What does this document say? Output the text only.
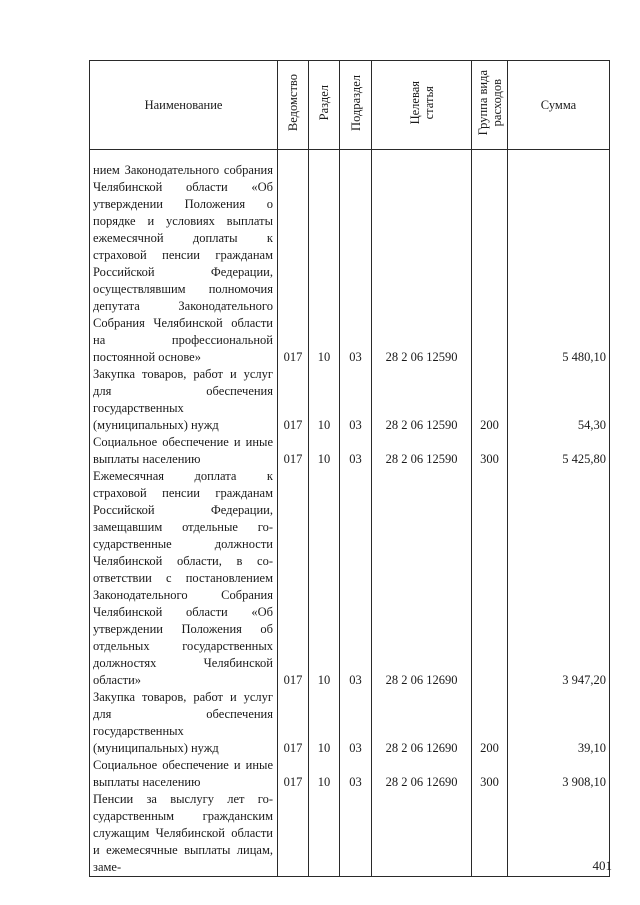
Наименование	Ведомство	Раздел	Подраздел	Целевая статья	Группа вида расходов	Сумма
нием Законодательного собрания Челябинской области «Об утверждении Положения о порядке и условиях выплаты ежемесячной доплаты к страховой пенсии гражданам Российской Федерации, осуществлявшим полномочия депутата Законодательного Собрания Челябинской области на профессиональной постоянной основе»	017	10	03	28 2 06 12590		5 480,10
Закупка товаров, работ и услуг для обеспечения государственных (муниципальных) нужд	017	10	03	28 2 06 12590	200	54,30
Социальное обеспечение и иные выплаты населению	017	10	03	28 2 06 12590	300	5 425,80
Ежемесячная доплата к страховой пенсии гражданам Российской Федерации, замещавшим отдельные государственные должности Челябинской области, в соответствии с постановлением Законодательного Собрания Челябинской области «Об утверждении Положения об отдельных государственных должностях Челябинской области»	017	10	03	28 2 06 12690		3 947,20
Закупка товаров, работ и услуг для обеспечения государственных (муниципальных) нужд	017	10	03	28 2 06 12690	200	39,10
Социальное обеспечение и иные выплаты населению	017	10	03	28 2 06 12690	300	3 908,10
Пенсии за выслугу лет государственным гражданским служащим Челябинской области и ежемесячные выплаты лицам, заме-							401
